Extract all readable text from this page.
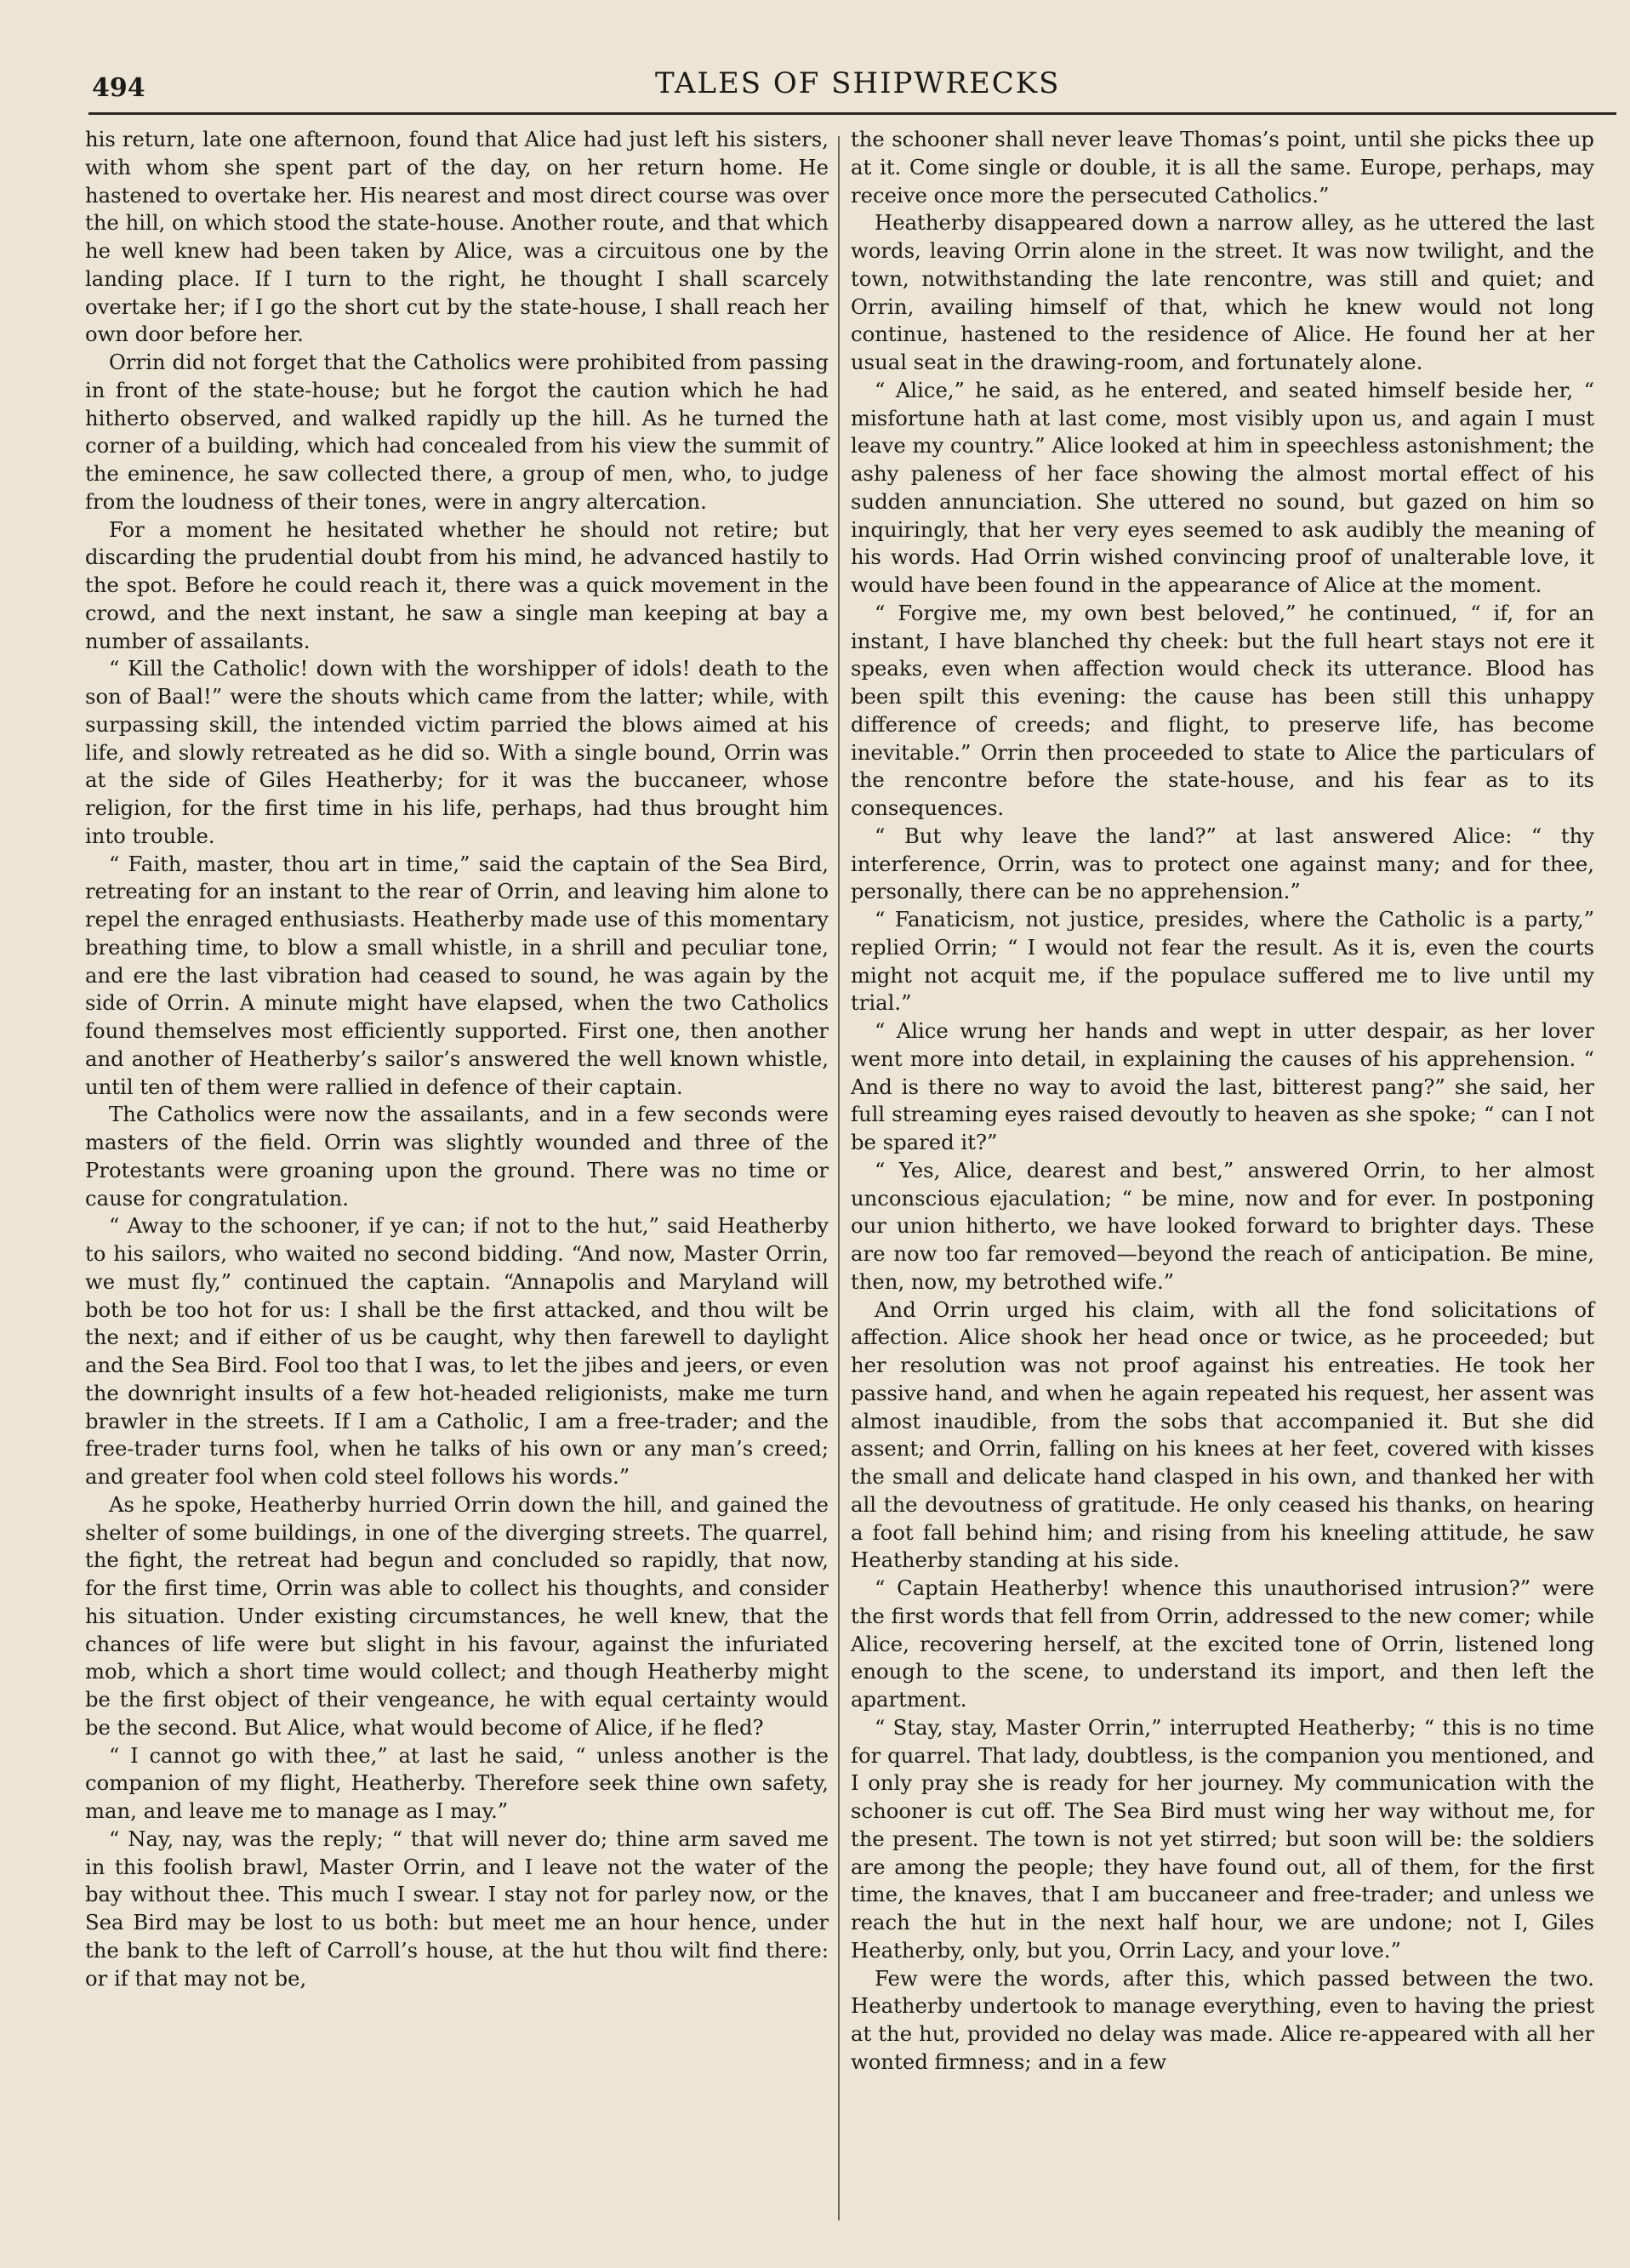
494	TALES OF SHIPWRECKS

his return, late one afternoon, found that Alice had just left his sisters, with whom she spent part of the day, on her return home. He hastened to overtake her. His nearest and most direct course was over the hill, on which stood the state-house. Another route, and that which he well knew had been taken by Alice, was a circuitous one by the landing place. If I turn to the right, he thought I shall scarcely overtake her; if I go the short cut by the state-house, I shall reach her own door before her.

Orrin did not forget that the Catholics were prohibited from passing in front of the state-house; but he forgot the caution which he had hitherto observed, and walked rapidly up the hill. As he turned the corner of a building, which had concealed from his view the summit of the eminence, he saw collected there, a group of men, who, to judge from the loudness of their tones, were in angry altercation.

For a moment he hesitated whether he should not retire; but discarding the prudential doubt from his mind, he advanced hastily to the spot. Before he could reach it, there was a quick movement in the crowd, and the next instant, he saw a single man keeping at bay a number of assailants.

“ Kill the Catholic! down with the worshipper of idols! death to the son of Baal!” were the shouts which came from the latter; while, with surpassing skill, the intended victim parried the blows aimed at his life, and slowly retreated as he did so. With a single bound, Orrin was at the side of Giles Heatherby; for it was the buccaneer, whose religion, for the first time in his life, perhaps, had thus brought him into trouble.

“ Faith, master, thou art in time,” said the captain of the Sea Bird, retreating for an instant to the rear of Orrin, and leaving him alone to repel the enraged enthusiasts. Heatherby made use of this momentary breathing time, to blow a small whistle, in a shrill and peculiar tone, and ere the last vibration had ceased to sound, he was again by the side of Orrin. A minute might have elapsed, when the two Catholics found themselves most efficiently supported. First one, then another and another of Heatherby’s sailor’s answered the well known whistle, until ten of them were rallied in defence of their captain.

The Catholics were now the assailants, and in a few seconds were masters of the field. Orrin was slightly wounded and three of the Protestants were groaning upon the ground. There was no time or cause for congratulation.

“ Away to the schooner, if ye can; if not to the hut,” said Heatherby to his sailors, who waited no second bidding. “And now, Master Orrin, we must fly,” continued the captain. “Annapolis and Maryland will both be too hot for us: I shall be the first attacked, and thou wilt be the next; and if either of us be caught, why then farewell to daylight and the Sea Bird. Fool too that I was, to let the jibes and jeers, or even the downright insults of a few hot-headed religionists, make me turn brawler in the streets. If I am a Catholic, I am a free-trader; and the free-trader turns fool, when he talks of his own or any man’s creed; and greater fool when cold steel follows his words.”

As he spoke, Heatherby hurried Orrin down the hill, and gained the shelter of some buildings, in one of the diverging streets. The quarrel, the fight, the retreat had begun and concluded so rapidly, that now, for the first time, Orrin was able to collect his thoughts, and consider his situation. Under existing circumstances, he well knew, that the chances of life were but slight in his favour, against the infuriated mob, which a short time would collect; and though Heatherby might be the first object of their vengeance, he with equal certainty would be the second. But Alice, what would become of Alice, if he fled?

“ I cannot go with thee,” at last he said, “ unless another is the companion of my flight, Heatherby. Therefore seek thine own safety, man, and leave me to manage as I may.”

“ Nay, nay, was the reply; “ that will never do; thine arm saved me in this foolish brawl, Master Orrin, and I leave not the water of the bay without thee. This much I swear. I stay not for parley now, or the Sea Bird may be lost to us both: but meet me an hour hence, under the bank to the left of Carroll’s house, at the hut thou wilt find there: or if that may not be,

the schooner shall never leave Thomas’s point, until she picks thee up at it. Come single or double, it is all the same. Europe, perhaps, may receive once more the persecuted Catholics.”

Heatherby disappeared down a narrow alley, as he uttered the last words, leaving Orrin alone in the street. It was now twilight, and the town, notwithstanding the late rencontre, was still and quiet; and Orrin, availing himself of that, which he knew would not long continue, hastened to the residence of Alice. He found her at her usual seat in the drawing-room, and fortunately alone.

“ Alice,” he said, as he entered, and seated himself beside her, “ misfortune hath at last come, most visibly upon us, and again I must leave my country.” Alice looked at him in speechless astonishment; the ashy paleness of her face showing the almost mortal effect of his sudden annunciation. She uttered no sound, but gazed on him so inquiringly, that her very eyes seemed to ask audibly the meaning of his words. Had Orrin wished convincing proof of unalterable love, it would have been found in the appearance of Alice at the moment.

“ Forgive me, my own best beloved,” he continued, “ if, for an instant, I have blanched thy cheek: but the full heart stays not ere it speaks, even when affection would check its utterance. Blood has been spilt this evening: the cause has been still this unhappy difference of creeds; and flight, to preserve life, has become inevitable.” Orrin then proceeded to state to Alice the particulars of the rencontre before the state-house, and his fear as to its consequences.

“ But why leave the land?” at last answered Alice: “ thy interference, Orrin, was to protect one against many; and for thee, personally, there can be no apprehension.”

“ Fanaticism, not justice, presides, where the Catholic is a party,” replied Orrin; “ I would not fear the result. As it is, even the courts might not acquit me, if the populace suffered me to live until my trial.”

“ Alice wrung her hands and wept in utter despair, as her lover went more into detail, in explaining the causes of his apprehension. “ And is there no way to avoid the last, bitterest pang?” she said, her full streaming eyes raised devoutly to heaven as she spoke; “ can I not be spared it?”

“ Yes, Alice, dearest and best,” answered Orrin, to her almost unconscious ejaculation; “ be mine, now and for ever. In postponing our union hitherto, we have looked forward to brighter days. These are now too far removed—beyond the reach of anticipation. Be mine, then, now, my betrothed wife.”

And Orrin urged his claim, with all the fond solicitations of affection. Alice shook her head once or twice, as he proceeded; but her resolution was not proof against his entreaties. He took her passive hand, and when he again repeated his request, her assent was almost inaudible, from the sobs that accompanied it. But she did assent; and Orrin, falling on his knees at her feet, covered with kisses the small and delicate hand clasped in his own, and thanked her with all the devoutness of gratitude. He only ceased his thanks, on hearing a foot fall behind him; and rising from his kneeling attitude, he saw Heatherby standing at his side.

“ Captain Heatherby! whence this unauthorised intrusion?” were the first words that fell from Orrin, addressed to the new comer; while Alice, recovering herself, at the excited tone of Orrin, listened long enough to the scene, to understand its import, and then left the apartment.

“ Stay, stay, Master Orrin,” interrupted Heatherby; “ this is no time for quarrel. That lady, doubtless, is the companion you mentioned, and I only pray she is ready for her journey. My communication with the schooner is cut off. The Sea Bird must wing her way without me, for the present. The town is not yet stirred; but soon will be: the soldiers are among the people; they have found out, all of them, for the first time, the knaves, that I am buccaneer and free-trader; and unless we reach the hut in the next half hour, we are undone; not I, Giles Heatherby, only, but you, Orrin Lacy, and your love.”

Few were the words, after this, which passed between the two. Heatherby undertook to manage everything, even to having the priest at the hut, provided no delay was made. Alice re-appeared with all her wonted firmness; and in a few
